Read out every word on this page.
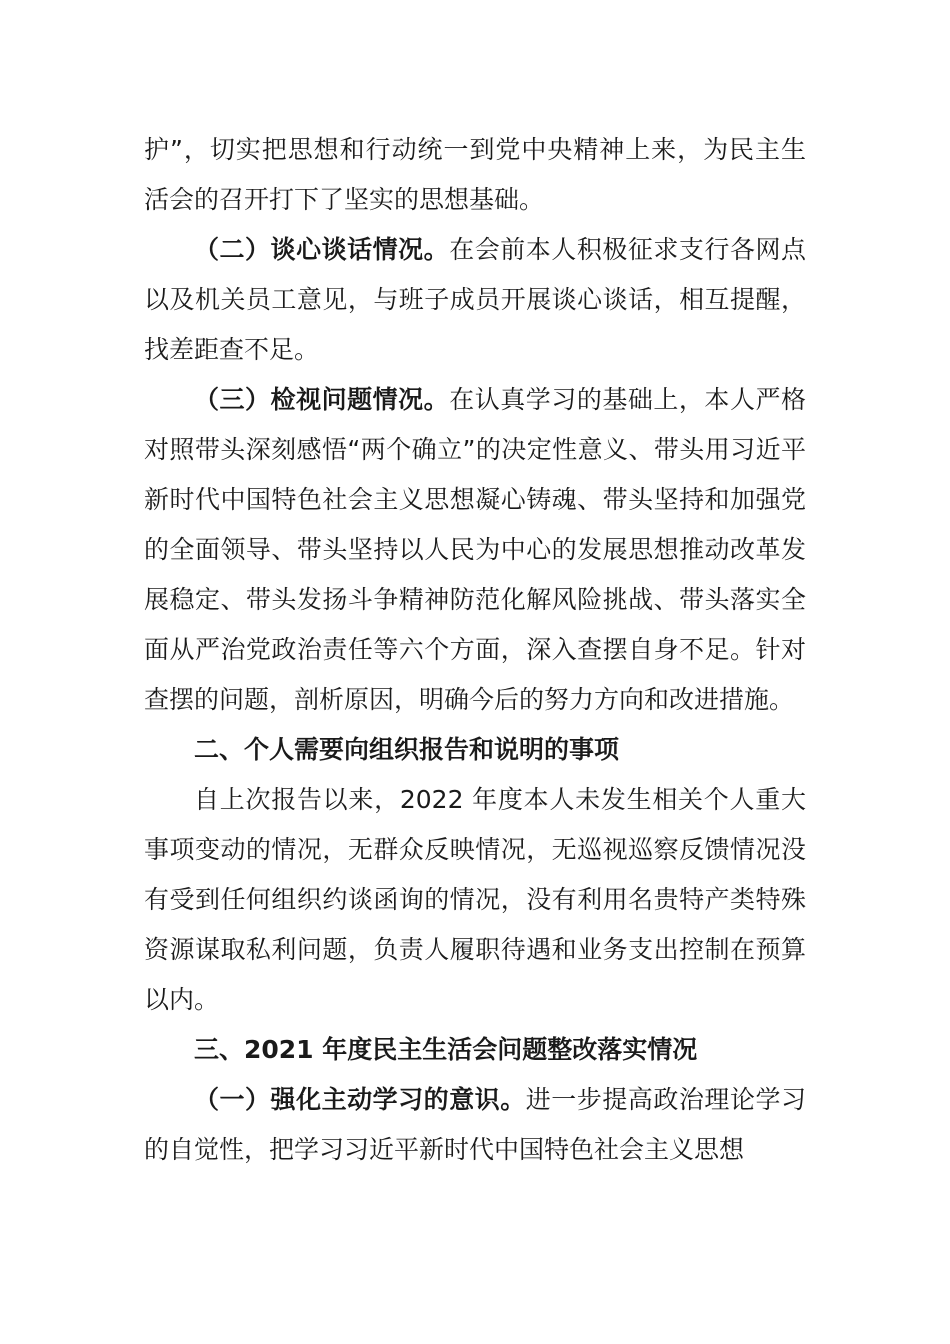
护”，切实把思想和行动统一到党中央精神上来，为民主生活会的召开打下了坚实的思想基础。

（二）谈心谈话情况。在会前本人积极征求支行各网点以及机关员工意见，与班子成员开展谈心谈话，相互提醒，找差距查不足。

（三）检视问题情况。在认真学习的基础上，本人严格对照带头深刻感悟“两个确立”的决定性意义、带头用习近平新时代中国特色社会主义思想凝心铸魂、带头坚持和加强党的全面领导、带头坚持以人民为中心的发展思想推动改革发展稳定、带头发扬斗争精神防范化解风险挑战、带头落实全面从严治党政治责任等六个方面，深入查摆自身不足。针对查摆的问题，剖析原因，明确今后的努力方向和改进措施。

二、个人需要向组织报告和说明的事项

自上次报告以来，2022 年度本人未发生相关个人重大事项变动的情况，无群众反映情况，无巡视巡察反馈情况没有受到任何组织约谈函询的情况，没有利用名贵特产类特殊资源谋取私利问题，负责人履职待遇和业务支出控制在预算以内。

三、2021 年度民主生活会问题整改落实情况

（一）强化主动学习的意识。进一步提高政治理论学习的自觉性，把学习习近平新时代中国特色社会主义思想
